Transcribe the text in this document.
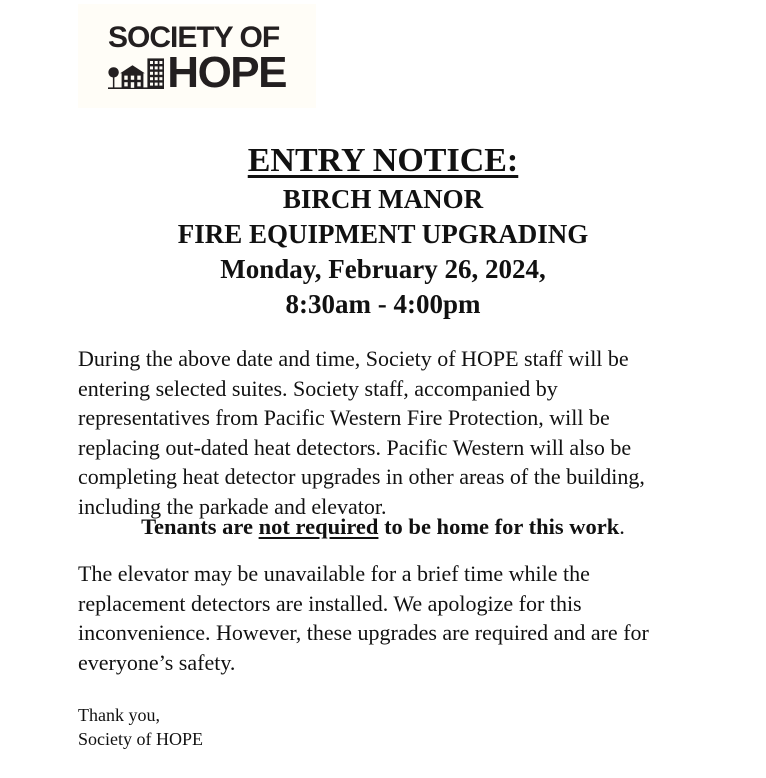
SOCIETY OF
HOPE
ENTRY NOTICE:
BIRCH MANOR
FIRE EQUIPMENT UPGRADING
Monday, February 26, 2024,
8:30am - 4:00pm
During the above date and time, Society of HOPE staff will be
entering selected suites. Society staff, accompanied by
representatives from Pacific Western Fire Protection, will be
replacing out-dated heat detectors. Pacific Western will also be
completing heat detector upgrades in other areas of the building,
including the parkade and elevator.
Tenants are not required to be home for this work.
The elevator may be unavailable for a brief time while the
replacement detectors are installed. We apologize for this
inconvenience. However, these upgrades are required and are for
everyone’s safety.
Thank you,
Society of HOPE
